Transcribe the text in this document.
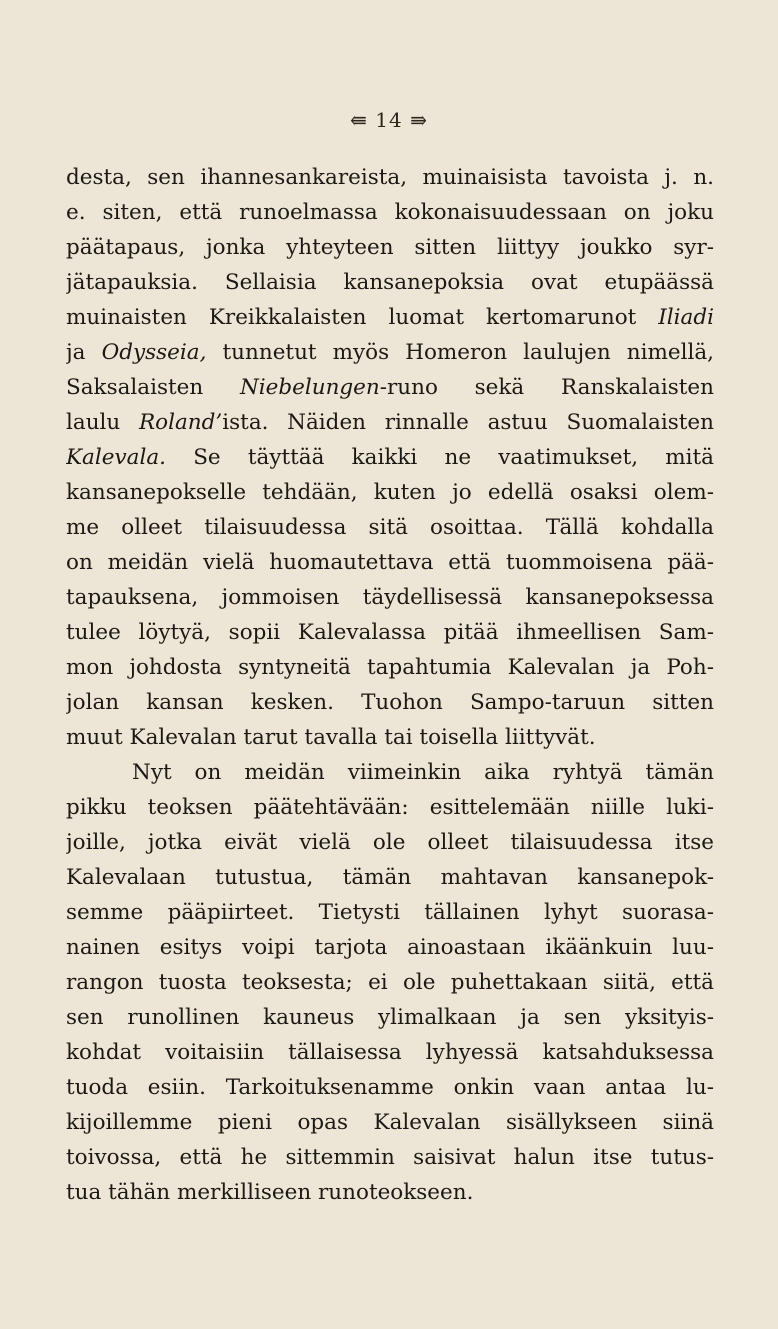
⇚ 14 ⇛
desta, sen ihannesankareista, muinaisista tavoista j. n.
e. siten, että runoelmassa kokonaisuudessaan on joku
päätapaus, jonka yhteyteen sitten liittyy joukko syr-
jätapauksia. Sellaisia kansanepoksia ovat etupäässä
muinaisten Kreikkalaisten luomat kertomarunot Iliadi
ja Odysseia, tunnetut myös Homeron laulujen nimellä,
Saksalaisten Niebelungen-runo sekä Ranskalaisten
laulu Roland’ista. Näiden rinnalle astuu Suomalaisten
Kalevala. Se täyttää kaikki ne vaatimukset, mitä
kansanepokselle tehdään, kuten jo edellä osaksi olem-
me olleet tilaisuudessa sitä osoittaa. Tällä kohdalla
on meidän vielä huomautettava että tuommoisena pää-
tapauksena, jommoisen täydellisessä kansanepoksessa
tulee löytyä, sopii Kalevalassa pitää ihmeellisen Sam-
mon johdosta syntyneitä tapahtumia Kalevalan ja Poh-
jolan kansan kesken. Tuohon Sampo-taruun sitten
muut Kalevalan tarut tavalla tai toisella liittyvät.
Nyt on meidän viimeinkin aika ryhtyä tämän
pikku teoksen päätehtävään: esittelemään niille luki-
joille, jotka eivät vielä ole olleet tilaisuudessa itse
Kalevalaan tutustua, tämän mahtavan kansanepok-
semme pääpiirteet. Tietysti tällainen lyhyt suorasa-
nainen esitys voipi tarjota ainoastaan ikäänkuin luu-
rangon tuosta teoksesta; ei ole puhettakaan siitä, että
sen runollinen kauneus ylimalkaan ja sen yksityis-
kohdat voitaisiin tällaisessa lyhyessä katsahduksessa
tuoda esiin. Tarkoituksenamme onkin vaan antaa lu-
kijoillemme pieni opas Kalevalan sisällykseen siinä
toivossa, että he sittemmin saisivat halun itse tutus-
tua tähän merkilliseen runoteokseen.
